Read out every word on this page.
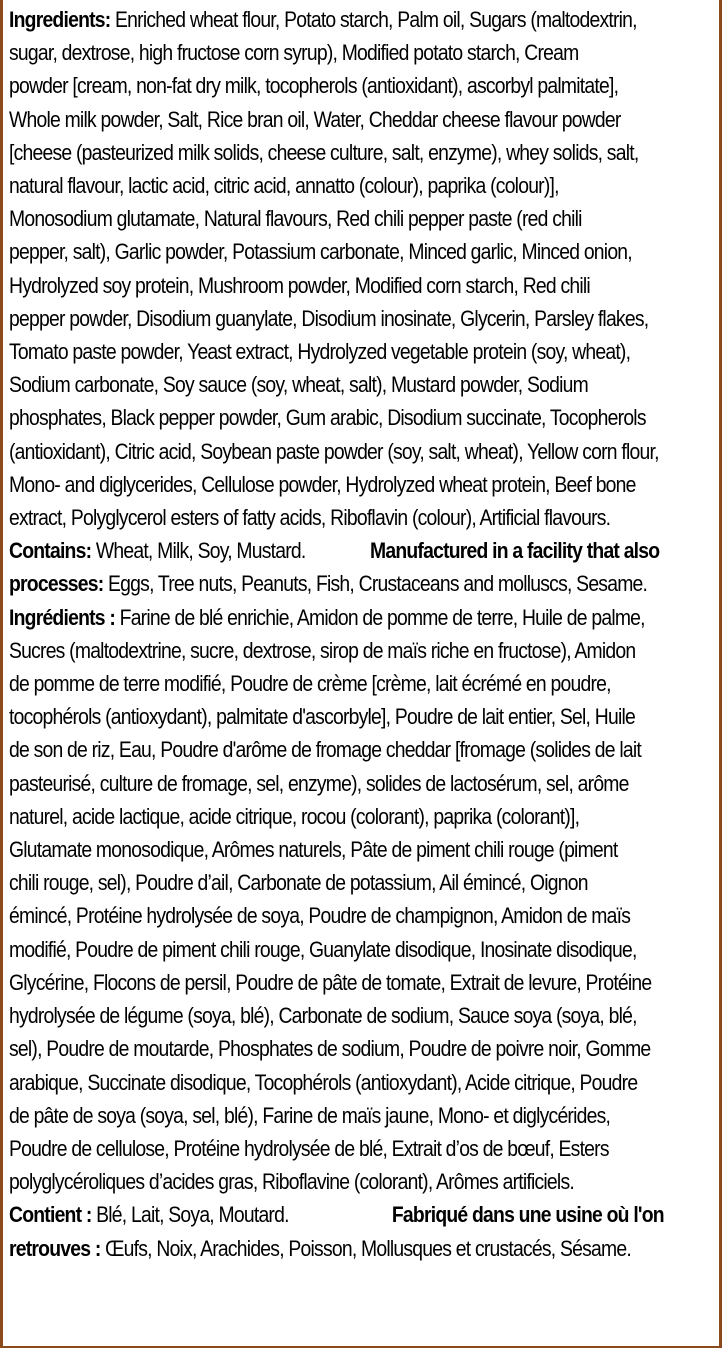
Ingredients: Enriched wheat flour, Potato starch, Palm oil, Sugars (maltodextrin,
sugar, dextrose, high fructose corn syrup), Modified potato starch, Cream
powder [cream, non-fat dry milk, tocopherols (antioxidant), ascorbyl palmitate],
Whole milk powder, Salt, Rice bran oil, Water, Cheddar cheese flavour powder
[cheese (pasteurized milk solids, cheese culture, salt, enzyme), whey solids, salt,
natural flavour, lactic acid, citric acid, annatto (colour), paprika (colour)],
Monosodium glutamate, Natural flavours, Red chili pepper paste (red chili
pepper, salt), Garlic powder, Potassium carbonate, Minced garlic, Minced onion,
Hydrolyzed soy protein, Mushroom powder, Modified corn starch, Red chili
pepper powder, Disodium guanylate, Disodium inosinate, Glycerin, Parsley flakes,
Tomato paste powder, Yeast extract, Hydrolyzed vegetable protein (soy, wheat),
Sodium carbonate, Soy sauce (soy, wheat, salt), Mustard powder, Sodium
phosphates, Black pepper powder, Gum arabic, Disodium succinate, Tocopherols
(antioxidant), Citric acid, Soybean paste powder (soy, salt, wheat), Yellow corn flour,
Mono- and diglycerides, Cellulose powder, Hydrolyzed wheat protein, Beef bone
extract, Polyglycerol esters of fatty acids, Riboflavin (colour), Artificial flavours.
Contains: Wheat, Milk, Soy, Mustard.	Manufactured in a facility that also
processes: Eggs, Tree nuts, Peanuts, Fish, Crustaceans and molluscs, Sesame.
Ingrédients : Farine de blé enrichie, Amidon de pomme de terre, Huile de palme,
Sucres (maltodextrine, sucre, dextrose, sirop de maïs riche en fructose), Amidon
de pomme de terre modifié, Poudre de crème [crème, lait écrémé en poudre,
tocophérols (antioxydant), palmitate d'ascorbyle], Poudre de lait entier, Sel, Huile
de son de riz, Eau, Poudre d'arôme de fromage cheddar [fromage (solides de lait
pasteurisé, culture de fromage, sel, enzyme), solides de lactosérum, sel, arôme
naturel, acide lactique, acide citrique, rocou (colorant), paprika (colorant)],
Glutamate monosodique, Arômes naturels, Pâte de piment chili rouge (piment
chili rouge, sel), Poudre d’ail, Carbonate de potassium, Ail émincé, Oignon
émincé, Protéine hydrolysée de soya, Poudre de champignon, Amidon de maïs
modifié, Poudre de piment chili rouge, Guanylate disodique, Inosinate disodique,
Glycérine, Flocons de persil, Poudre de pâte de tomate, Extrait de levure, Protéine
hydrolysée de légume (soya, blé), Carbonate de sodium, Sauce soya (soya, blé,
sel), Poudre de moutarde, Phosphates de sodium, Poudre de poivre noir, Gomme
arabique, Succinate disodique, Tocophérols (antioxydant), Acide citrique, Poudre
de pâte de soya (soya, sel, blé), Farine de maïs jaune, Mono- et diglycérides,
Poudre de cellulose, Protéine hydrolysée de blé, Extrait d’os de bœuf, Esters
polyglycéroliques d’acides gras, Riboflavine (colorant), Arômes artificiels.
Contient : Blé, Lait, Soya, Moutard.	Fabriqué dans une usine où l'on
retrouves : Œufs, Noix, Arachides, Poisson, Mollusques et crustacés, Sésame.
